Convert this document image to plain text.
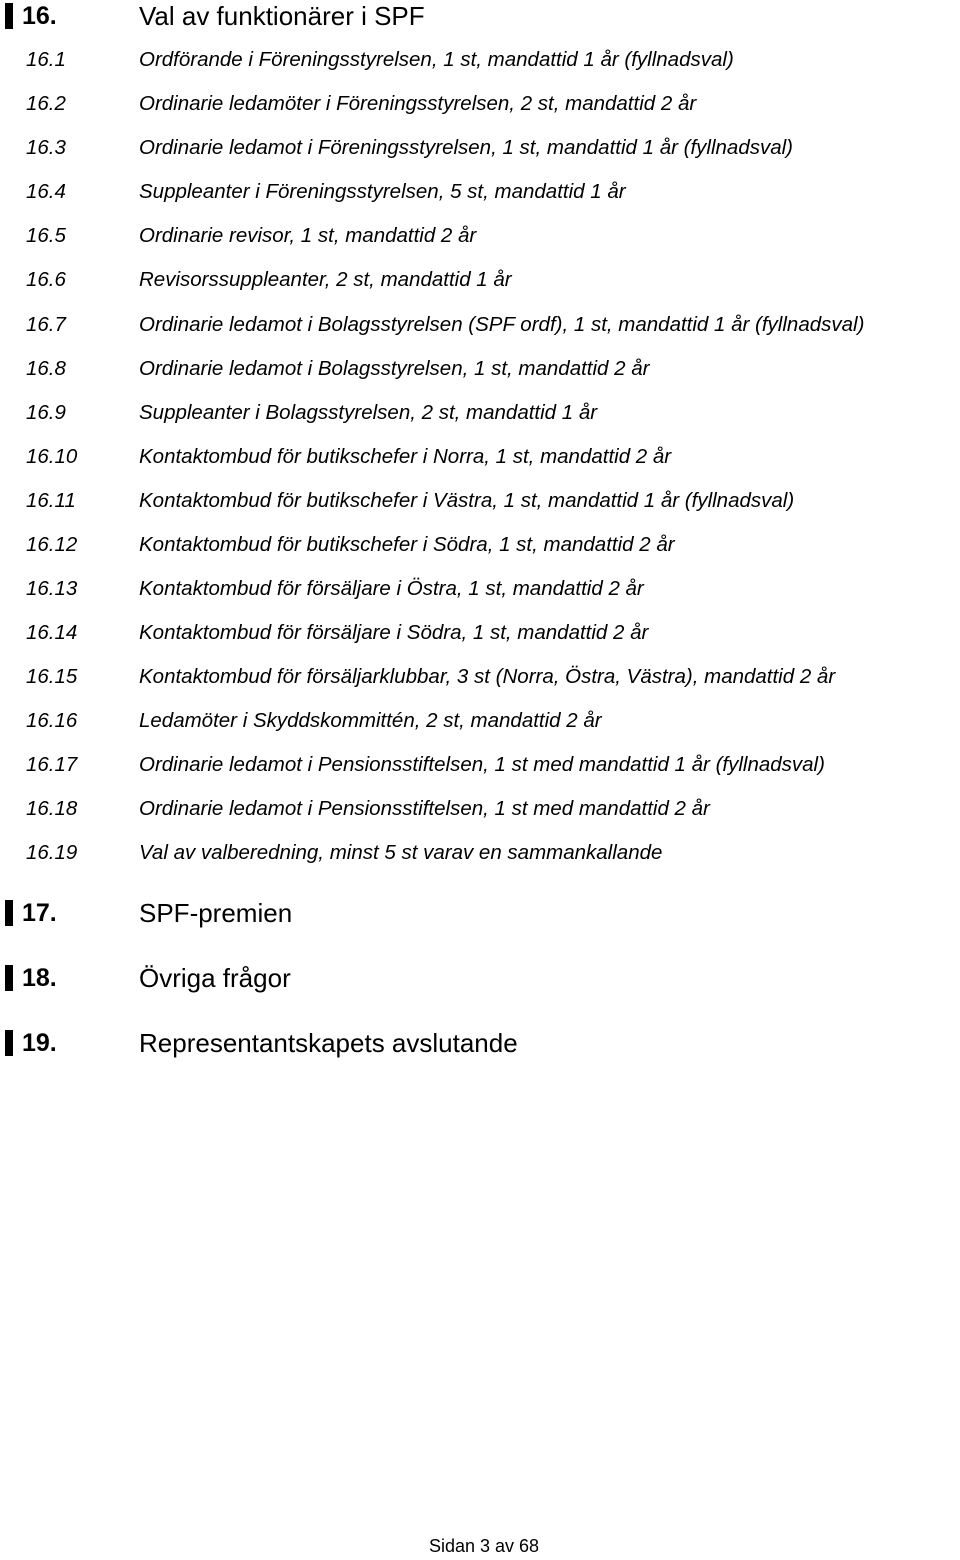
16.	Val av funktionärer i SPF
16.1	Ordförande i Föreningsstyrelsen, 1 st, mandattid 1 år (fyllnadsval)
16.2	Ordinarie ledamöter i Föreningsstyrelsen, 2 st, mandattid 2 år
16.3	Ordinarie ledamot i Föreningsstyrelsen, 1 st, mandattid 1 år (fyllnadsval)
16.4	Suppleanter i Föreningsstyrelsen, 5 st, mandattid 1 år
16.5	Ordinarie revisor, 1 st, mandattid 2 år
16.6	Revisorssuppleanter, 2 st, mandattid 1 år
16.7	Ordinarie ledamot i Bolagsstyrelsen (SPF ordf), 1 st, mandattid 1 år (fyllnadsval)
16.8	Ordinarie ledamot i Bolagsstyrelsen, 1 st, mandattid 2 år
16.9	Suppleanter i Bolagsstyrelsen, 2 st, mandattid 1 år
16.10	Kontaktombud för butikschefer i Norra, 1 st, mandattid 2 år
16.11	Kontaktombud för butikschefer i Västra, 1 st, mandattid 1 år (fyllnadsval)
16.12	Kontaktombud för butikschefer i Södra, 1 st, mandattid 2 år
16.13	Kontaktombud för försäljare i Östra, 1 st, mandattid 2 år
16.14	Kontaktombud för försäljare i Södra, 1 st, mandattid 2 år
16.15	Kontaktombud för försäljarklubbar, 3 st (Norra, Östra, Västra), mandattid 2 år
16.16	Ledamöter i Skyddskommittén, 2 st, mandattid 2 år
16.17	Ordinarie ledamot i Pensionsstiftelsen, 1 st med mandattid 1 år (fyllnadsval)
16.18	Ordinarie ledamot i Pensionsstiftelsen, 1 st med mandattid 2 år
16.19	Val av valberedning, minst 5 st varav en sammankallande
17.	SPF-premien
18.	Övriga frågor
19.	Representantskapets avslutande
Sidan 3 av 68
